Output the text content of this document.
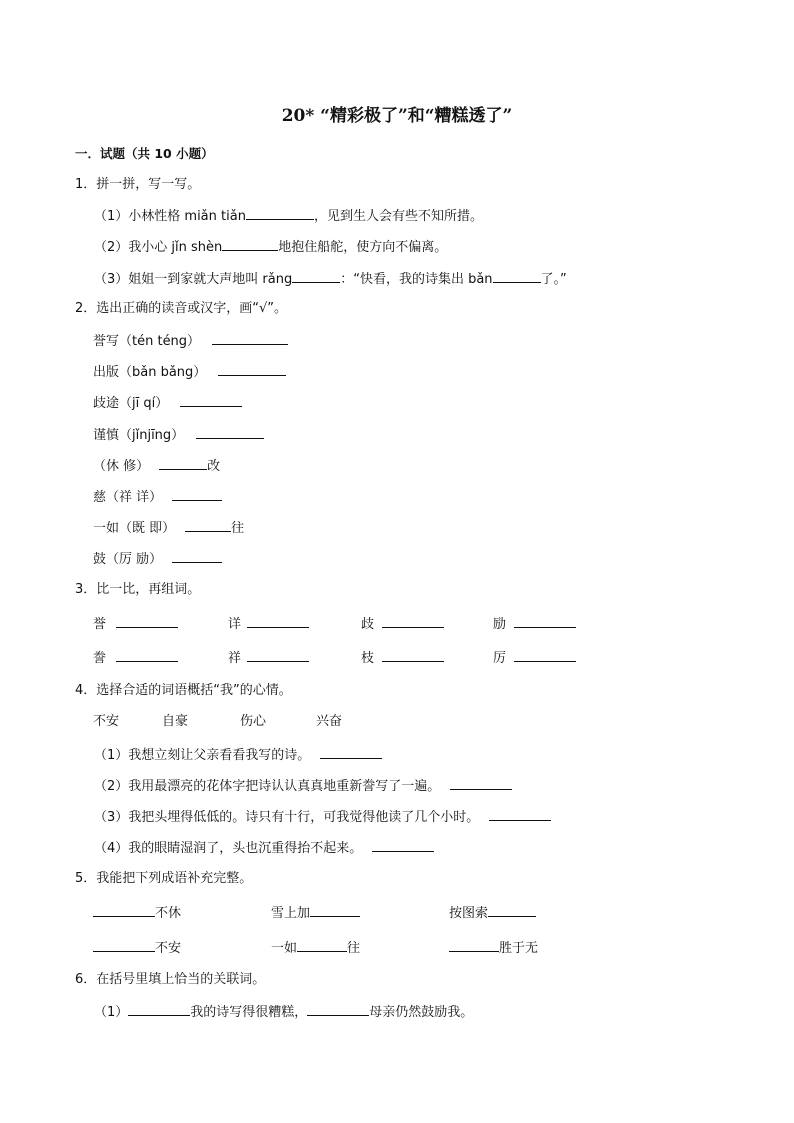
20* “精彩极了”和“糟糕透了”
一．试题（共 10 小题）
1．拼一拼，写一写。
（1）小林性格 miǎn tiǎn	，见到生人会有些不知所措。
（2）我小心 jǐn shèn	地抱住船舵，使方向不偏离。
（3）姐姐一到家就大声地叫 rǎng	：“快看，我的诗集出 bǎn	了。”
2．选出正确的读音或汉字，画“√”。
誉写（tén téng）
出版（bǎn bǎng）
歧途（jī qí）
谨慎（jǐnjīng）
（休 修）	改
慈（祥 详）
一如（既 即）	往
鼓（厉 励）
3．比一比，再组词。
誉	详	歧	励
誊	祥	枝	厉
4．选择合适的词语概括“我”的心情。
不安	自豪	伤心	兴奋
（1）我想立刻让父亲看看我写的诗。
（2）我用最漂亮的花体字把诗认认真真地重新誊写了一遍。
（3）我把头埋得低低的。诗只有十行，可我觉得他读了几个小时。
（4）我的眼睛湿润了，头也沉重得抬不起来。
5．我能把下列成语补充完整。
不休	雪上加	按图索
不安	一如	往	胜于无
6．在括号里填上恰当的关联词。
（1）	我的诗写得很糟糕，	母亲仍然鼓励我。
